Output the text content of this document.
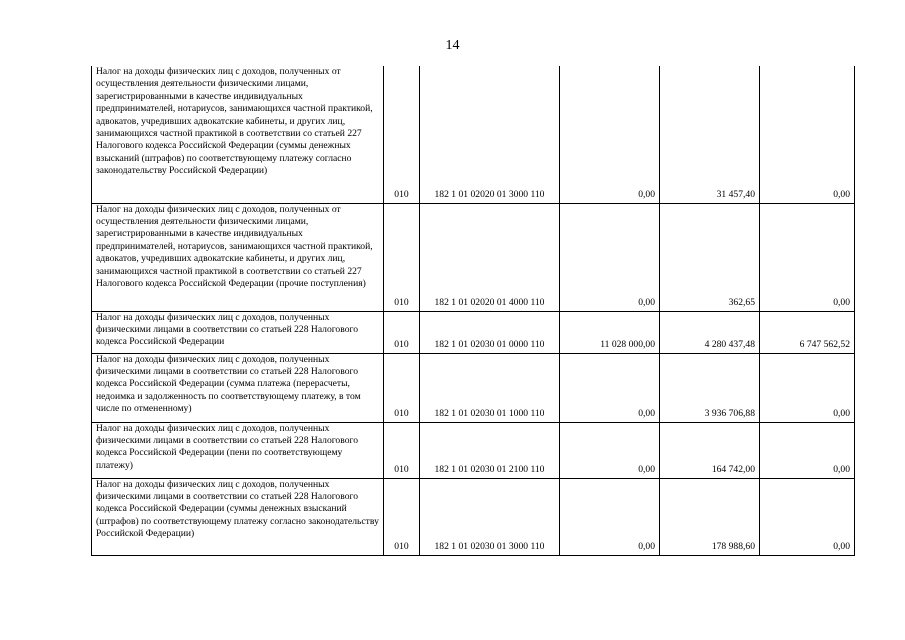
14
Налог на доходы физических лиц с доходов, полученных от осуществления деятельности физическими лицами, зарегистрированными в качестве индивидуальных предпринимателей, нотариусов, занимающихся частной практикой, адвокатов, учредивших адвокатские кабинеты, и других лиц, занимающихся частной практикой в соответствии со статьей 227 Налогового кодекса Российской Федерации (суммы денежных взысканий (штрафов) по соответствующему платежу согласно законодательству Российской Федерации)	010	182 1 01 02020 01 3000 110	0,00	31 457,40	0,00
Налог на доходы физических лиц с доходов, полученных от осуществления деятельности физическими лицами, зарегистрированными в качестве индивидуальных предпринимателей, нотариусов, занимающихся частной практикой, адвокатов, учредивших адвокатские кабинеты, и других лиц, занимающихся частной практикой в соответствии со статьей 227 Налогового кодекса Российской Федерации (прочие поступления)	010	182 1 01 02020 01 4000 110	0,00	362,65	0,00
Налог на доходы физических лиц с доходов, полученных физическими лицами в соответствии со статьей 228 Налогового кодекса Российской Федерации	010	182 1 01 02030 01 0000 110	11 028 000,00	4 280 437,48	6 747 562,52
Налог на доходы физических лиц с доходов, полученных физическими лицами в соответствии со статьей 228 Налогового кодекса Российской Федерации (сумма платежа (перерасчеты, недоимка и задолженность по соответствующему платежу, в том числе по отмененному)	010	182 1 01 02030 01 1000 110	0,00	3 936 706,88	0,00
Налог на доходы физических лиц с доходов, полученных физическими лицами в соответствии со статьей 228 Налогового кодекса Российской Федерации (пени по соответствующему платежу)	010	182 1 01 02030 01 2100 110	0,00	164 742,00	0,00
Налог на доходы физических лиц с доходов, полученных физическими лицами в соответствии со статьей 228 Налогового кодекса Российской Федерации (суммы денежных взысканий (штрафов) по соответствующему платежу согласно законодательству Российской Федерации)	010	182 1 01 02030 01 3000 110	0,00	178 988,60	0,00
